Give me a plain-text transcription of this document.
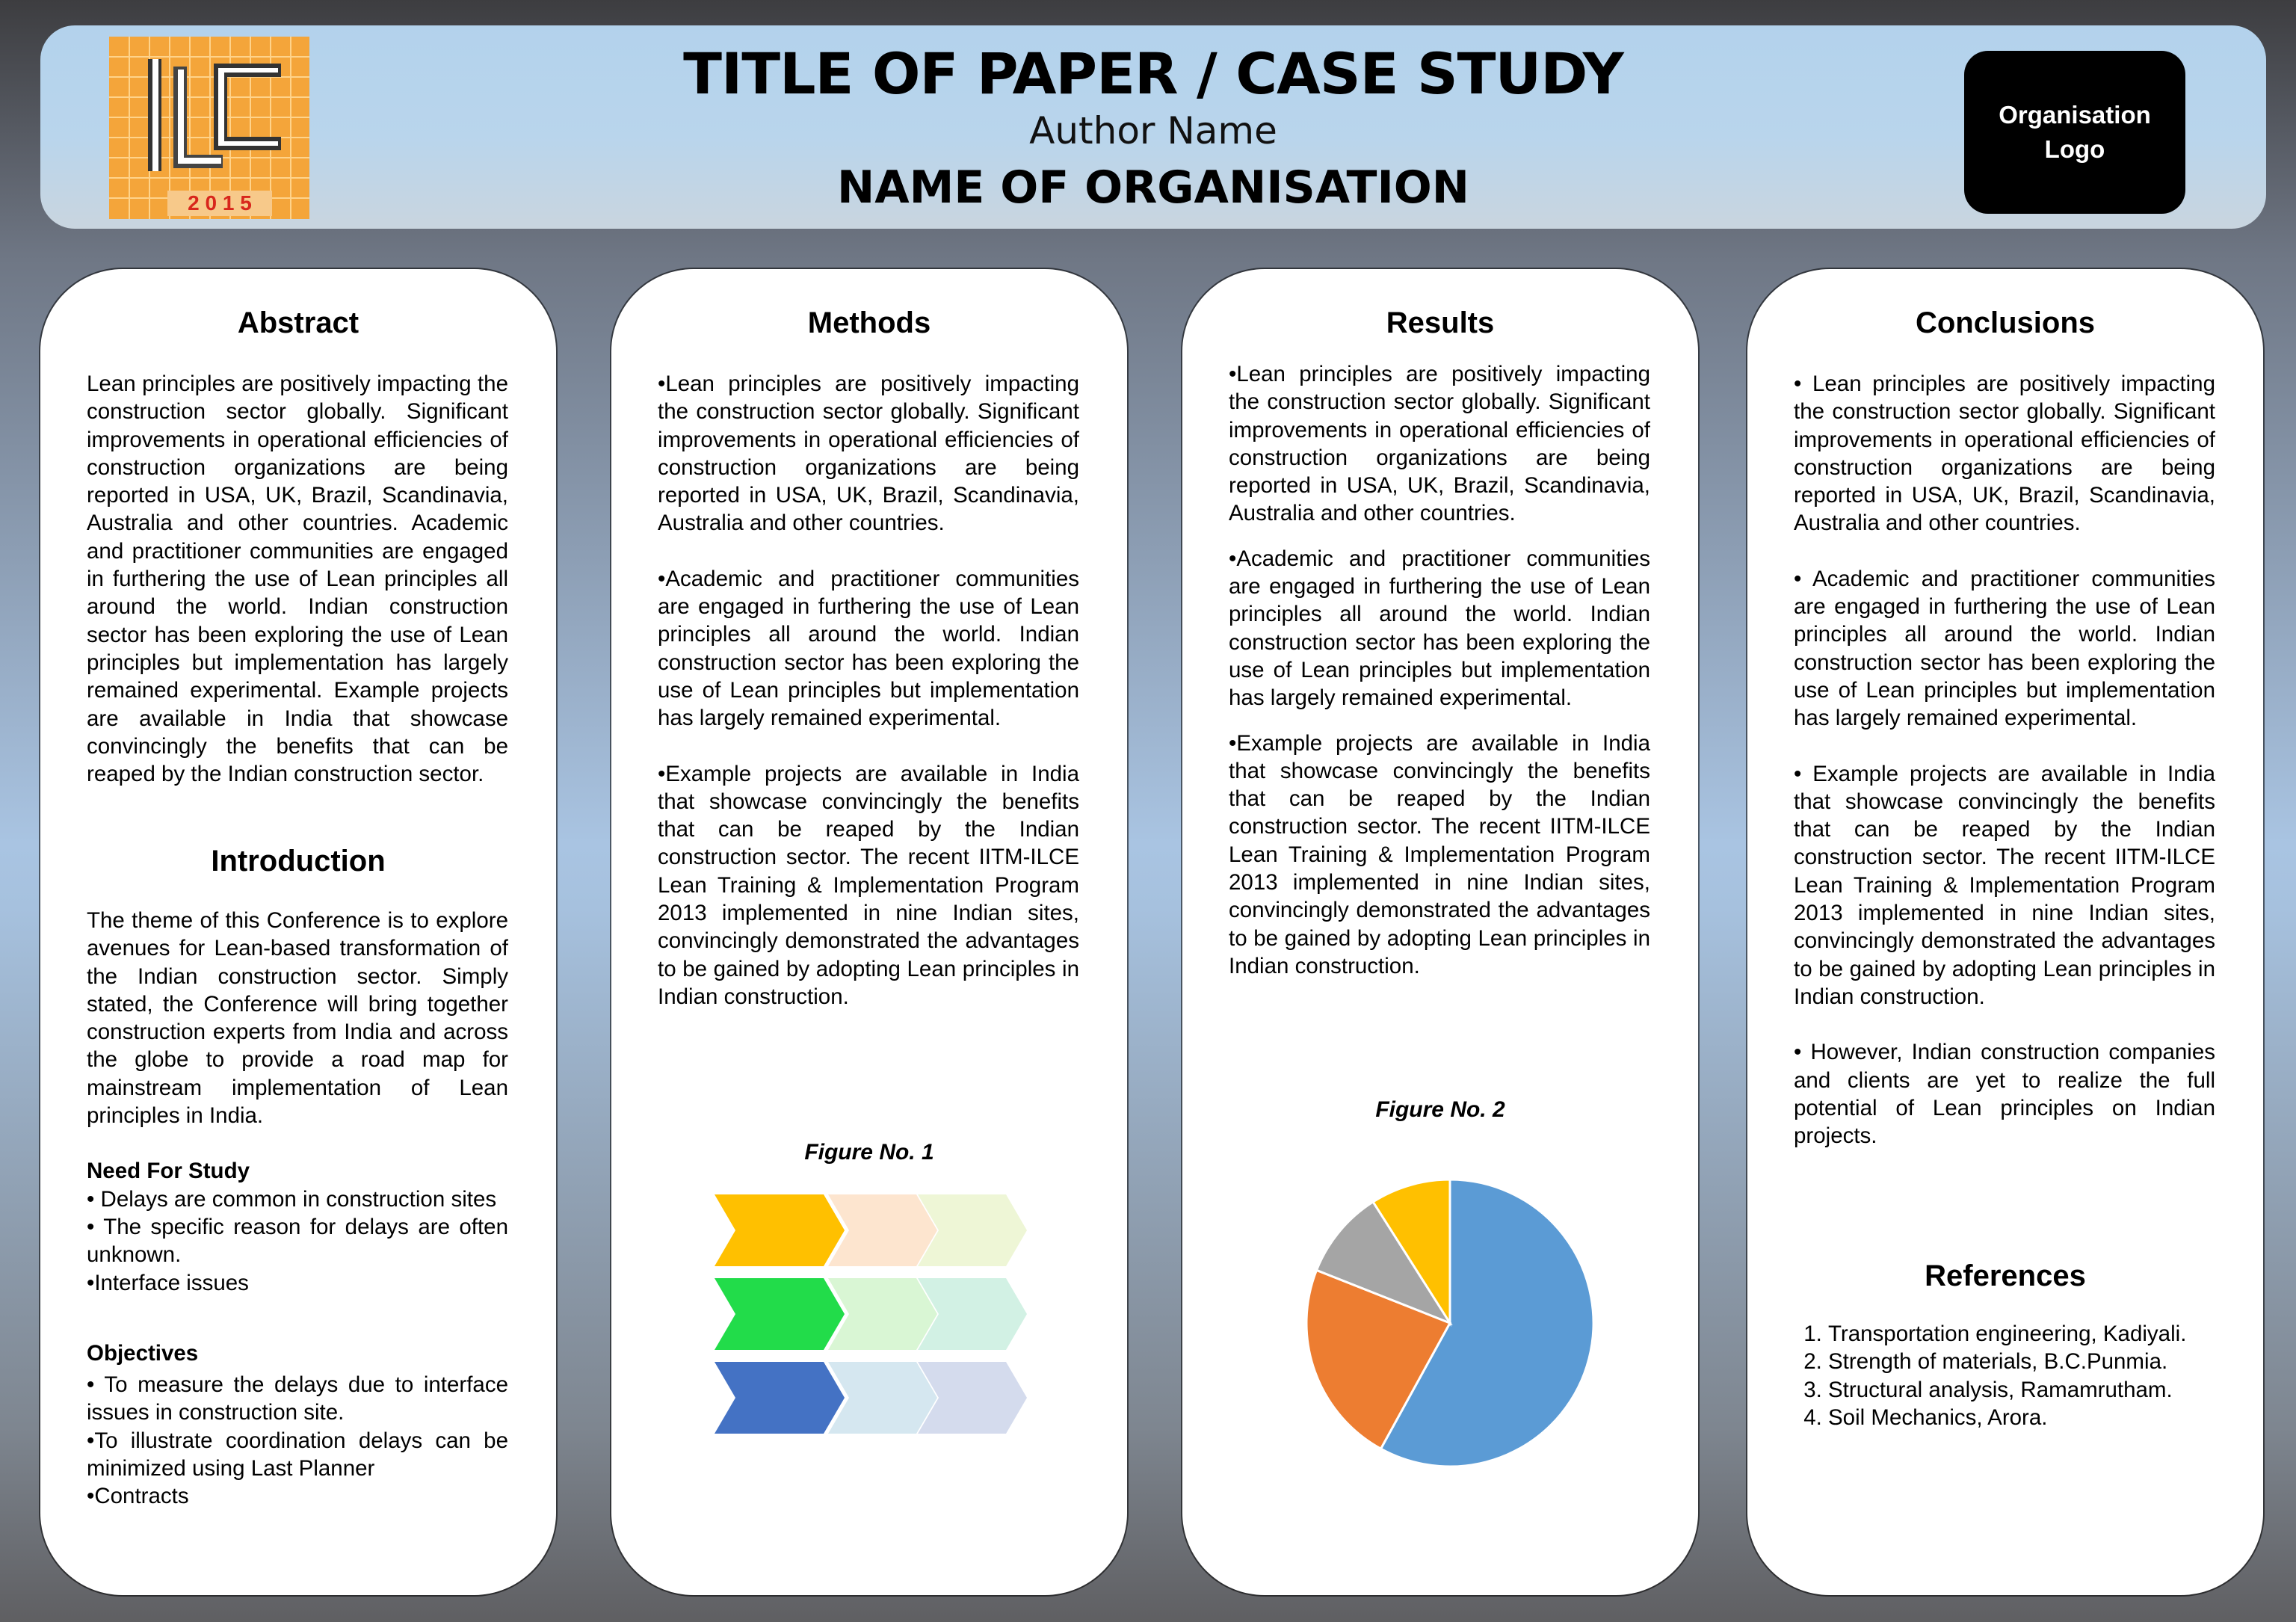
2 0 1 5
TITLE OF PAPER / CASE STUDY
Author Name
NAME OF ORGANISATION
Organisation
Logo
Abstract

Lean principles are positively impacting the construction sector globally. Significant improvements in operational efficiencies of construction organizations are being reported in USA, UK, Brazil, Scandinavia, Australia and other countries. Academic and practitioner communities are engaged in furthering the use of Lean principles all around the world. Indian construction sector has been exploring the use of Lean principles but implementation has largely remained experimental. Example projects are available in India that showcase convincingly the benefits that can be reaped by the Indian construction sector.

Introduction

The theme of this Conference is to explore avenues for Lean-based transformation of the Indian construction sector. Simply stated, the Conference will bring together construction experts from India and across the globe to provide a road map for mainstream implementation of Lean principles in India.

Need For Study

• Delays are common in construction sites

• The specific reason for delays are often unknown.

•Interface issues

Objectives

• To measure the delays due to interface issues in construction site.

•To illustrate coordination delays can be minimized using Last Planner

•Contracts

Methods

•Lean principles are positively impacting the construction sector globally. Significant improvements in operational efficiencies of construction organizations are being reported in USA, UK, Brazil, Scandinavia, Australia and other countries.

•Academic and practitioner communities are engaged in furthering the use of Lean principles all around the world. Indian construction sector has been exploring the use of Lean principles but implementation has largely remained experimental.

•Example projects are available in India that showcase convincingly the benefits that can be reaped by the Indian construction sector. The recent IITM-ILCE Lean Training & Implementation Program 2013 implemented in nine Indian sites, convincingly demonstrated the advantages to be gained by adopting Lean principles in Indian construction.

Figure No. 1
Results

•Lean principles are positively impacting the construction sector globally. Significant improvements in operational efficiencies of construction organizations are being reported in USA, UK, Brazil, Scandinavia, Australia and other countries.

•Academic and practitioner communities are engaged in furthering the use of Lean principles all around the world. Indian construction sector has been exploring the use of Lean principles but implementation has largely remained experimental.

•Example projects are available in India that showcase convincingly the benefits that can be reaped by the Indian construction sector. The recent IITM-ILCE Lean Training & Implementation Program 2013 implemented in nine Indian sites, convincingly demonstrated the advantages to be gained by adopting Lean principles in Indian construction.

Figure No. 2
Conclusions

• Lean principles are positively impacting the construction sector globally. Significant improvements in operational efficiencies of construction organizations are being reported in USA, UK, Brazil, Scandinavia, Australia and other countries.

• Academic and practitioner communities are engaged in furthering the use of Lean principles all around the world. Indian construction sector has been exploring the use of Lean principles but implementation has largely remained experimental.

• Example projects are available in India that showcase convincingly the benefits that can be reaped by the Indian construction sector. The recent IITM-ILCE Lean Training & Implementation Program 2013 implemented in nine Indian sites, convincingly demonstrated the advantages to be gained by adopting Lean principles in Indian construction.

• However, Indian construction companies and clients are yet to realize the full potential of Lean principles on Indian projects.

References
1. Transportation engineering, Kadiyali.
2. Strength of materials, B.C.Punmia.
3. Structural analysis, Ramamrutham.
4. Soil Mechanics, Arora.
